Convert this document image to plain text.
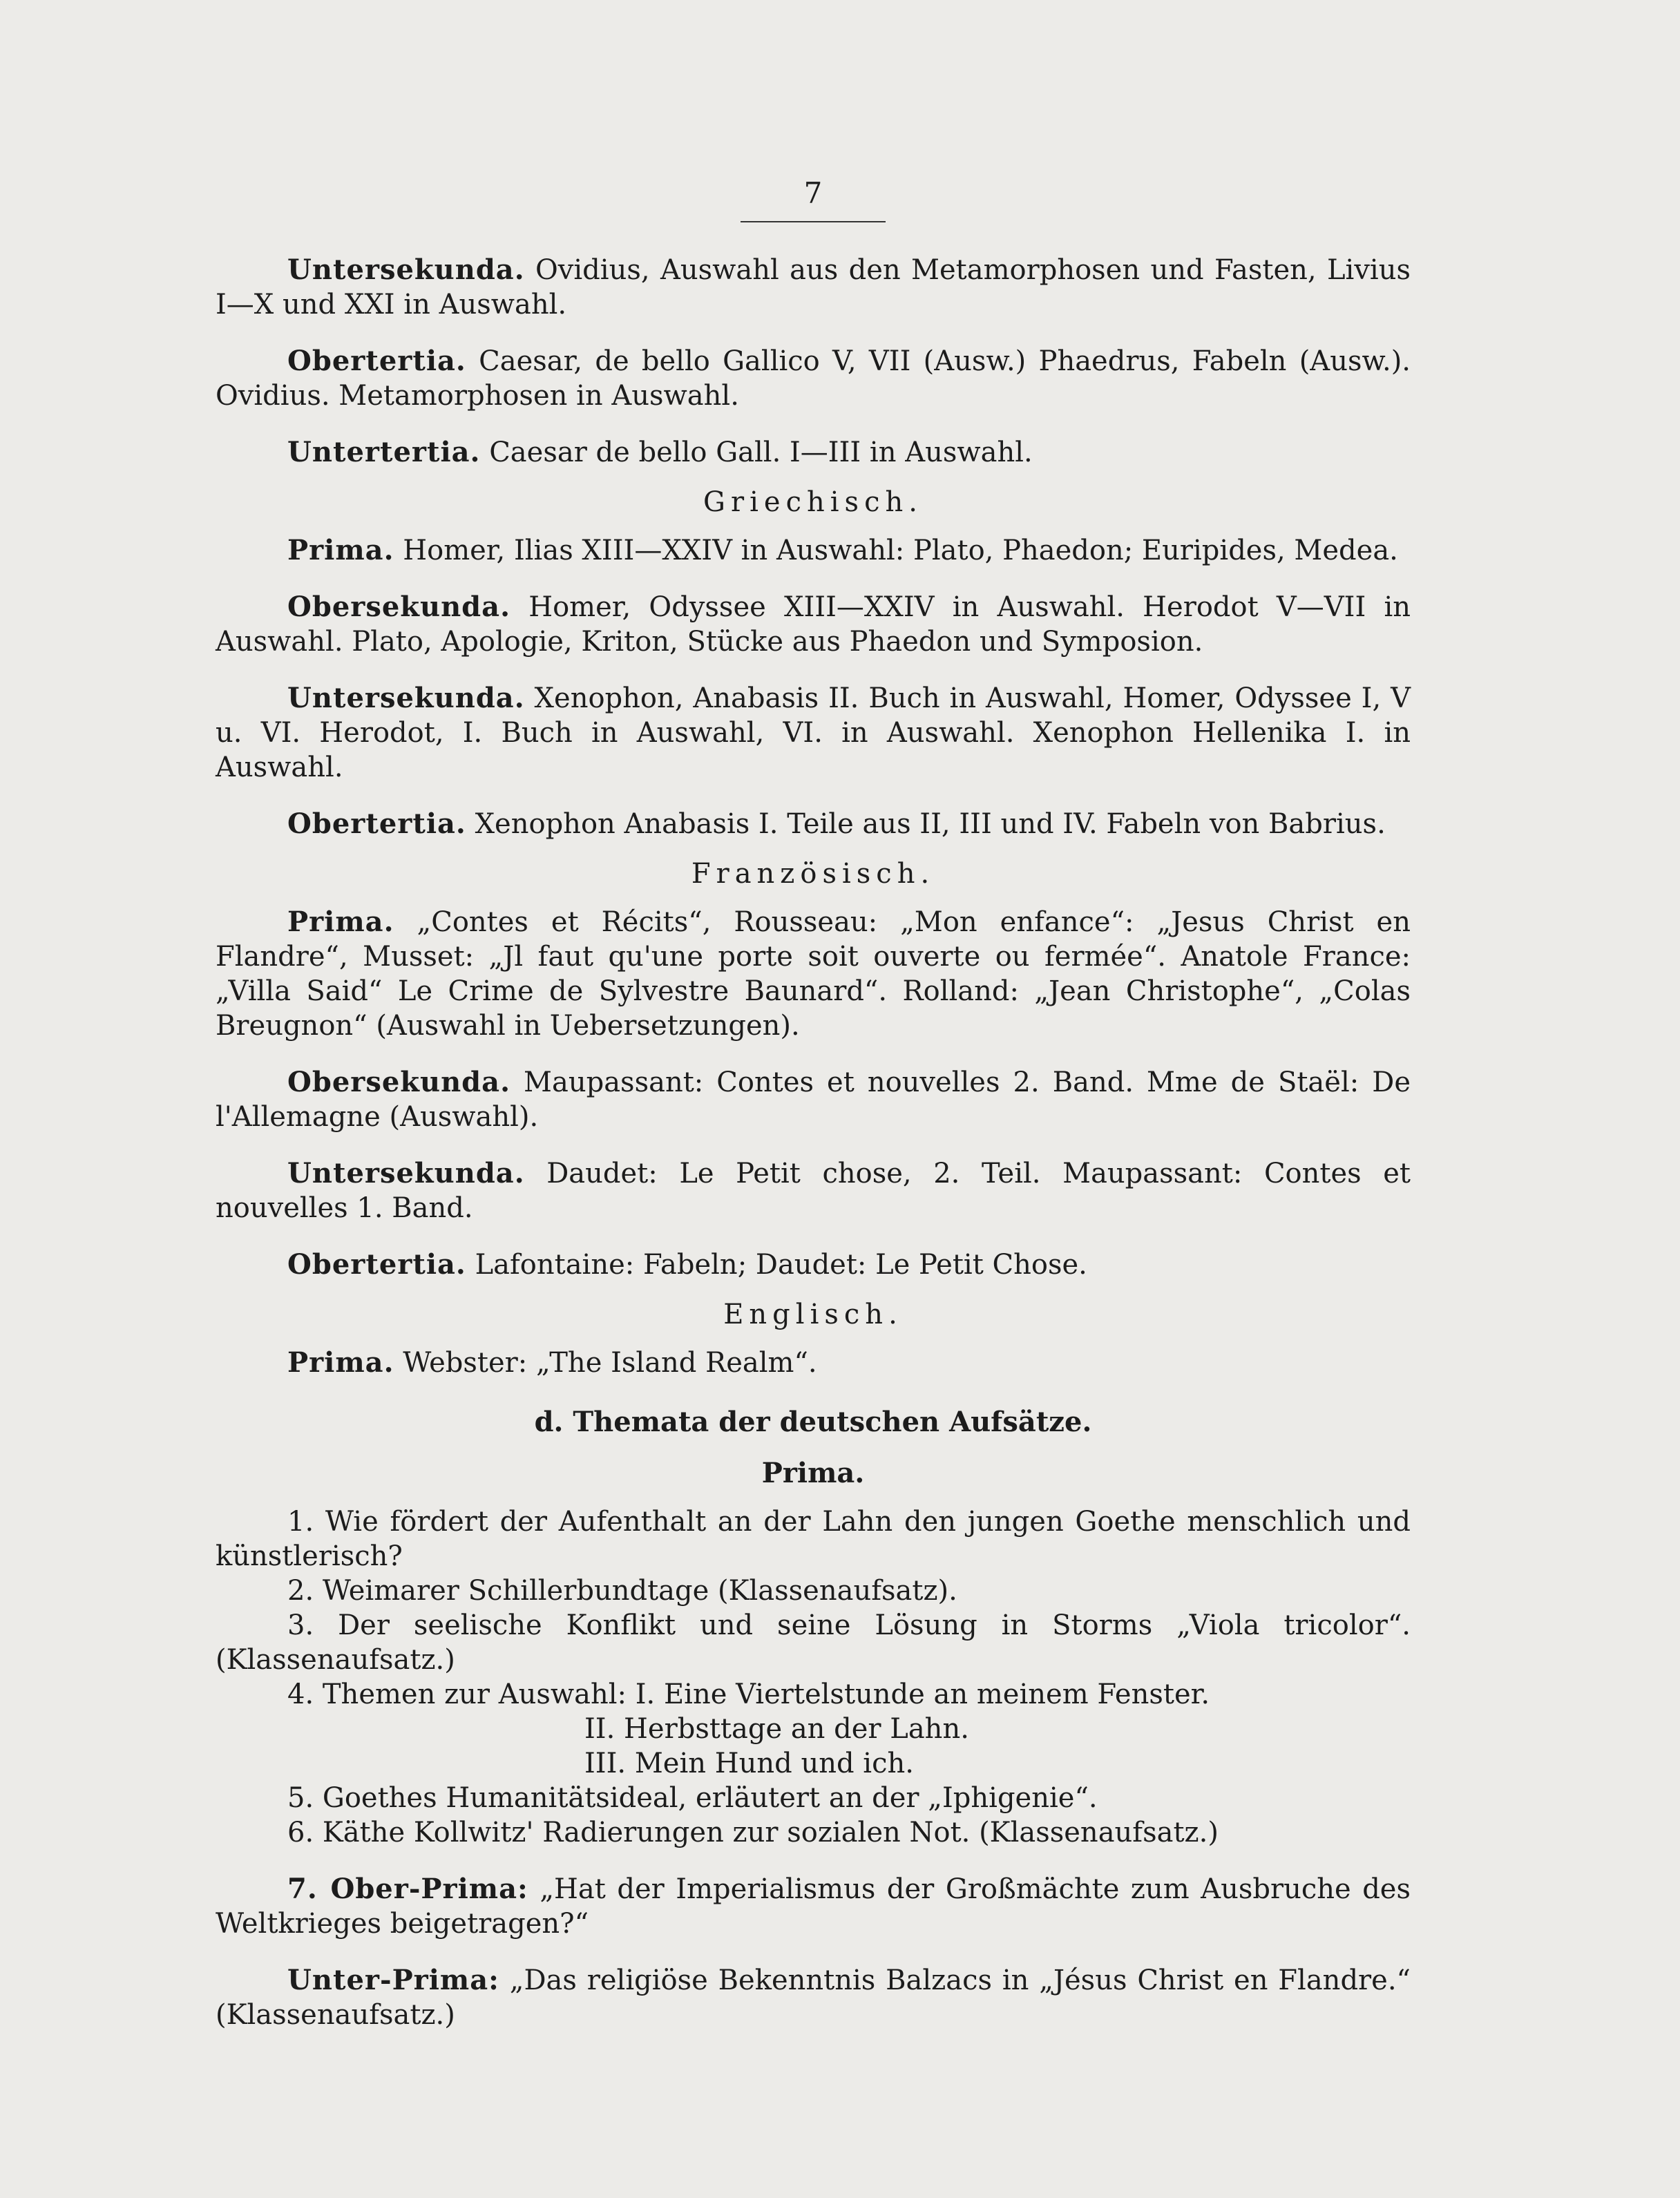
7

Untersekunda. Ovidius, Auswahl aus den Metamorphosen und Fasten, Livius I—X und XXI in Auswahl.

Obertertia. Caesar, de bello Gallico V, VII (Ausw.) Phaedrus, Fabeln (Ausw.). Ovidius. Metamorphosen in Auswahl.

Untertertia. Caesar de bello Gall. I—III in Auswahl.

Griechisch.

Prima. Homer, Ilias XIII—XXIV in Auswahl: Plato, Phaedon; Euripides, Medea.

Obersekunda. Homer, Odyssee XIII—XXIV in Auswahl. Herodot V—VII in Auswahl. Plato, Apologie, Kriton, Stücke aus Phaedon und Symposion.

Untersekunda. Xenophon, Anabasis II. Buch in Auswahl, Homer, Odyssee I, V u. VI. Herodot, I. Buch in Auswahl, VI. in Auswahl. Xenophon Hellenika I. in Auswahl.

Obertertia. Xenophon Anabasis I. Teile aus II, III und IV. Fabeln von Babrius.

Französisch.

Prima. „Contes et Récits“, Rousseau: „Mon enfance“: „Jesus Christ en Flandre“, Musset: „Jl faut qu'une porte soit ouverte ou fermée“. Anatole France: „Villa Said“ Le Crime de Sylvestre Baunard“. Rolland: „Jean Christophe“, „Colas Breugnon“ (Auswahl in Uebersetzungen).

Obersekunda. Maupassant: Contes et nouvelles 2. Band. Mme de Staël: De l'Allemagne (Auswahl).

Untersekunda. Daudet: Le Petit chose, 2. Teil. Maupassant: Contes et nouvelles 1. Band.

Obertertia. Lafontaine: Fabeln; Daudet: Le Petit Chose.

Englisch.

Prima. Webster: „The Island Realm“.

d. Themata der deutschen Aufsätze.

Prima.

1. Wie fördert der Aufenthalt an der Lahn den jungen Goethe menschlich und künstlerisch?

2. Weimarer Schillerbundtage (Klassenaufsatz).

3. Der seelische Konflikt und seine Lösung in Storms „Viola tricolor“. (Klassenaufsatz.)

4. Themen zur Auswahl: I. Eine Viertelstunde an meinem Fenster.

II. Herbsttage an der Lahn.

III. Mein Hund und ich.

5. Goethes Humanitätsideal, erläutert an der „Iphigenie“.

6. Käthe Kollwitz' Radierungen zur sozialen Not. (Klassenaufsatz.)

7. Ober-Prima: „Hat der Imperialismus der Großmächte zum Ausbruche des Weltkrieges beigetragen?“

Unter-Prima: „Das religiöse Bekenntnis Balzacs in „Jésus Christ en Flandre.“ (Klassenaufsatz.)
